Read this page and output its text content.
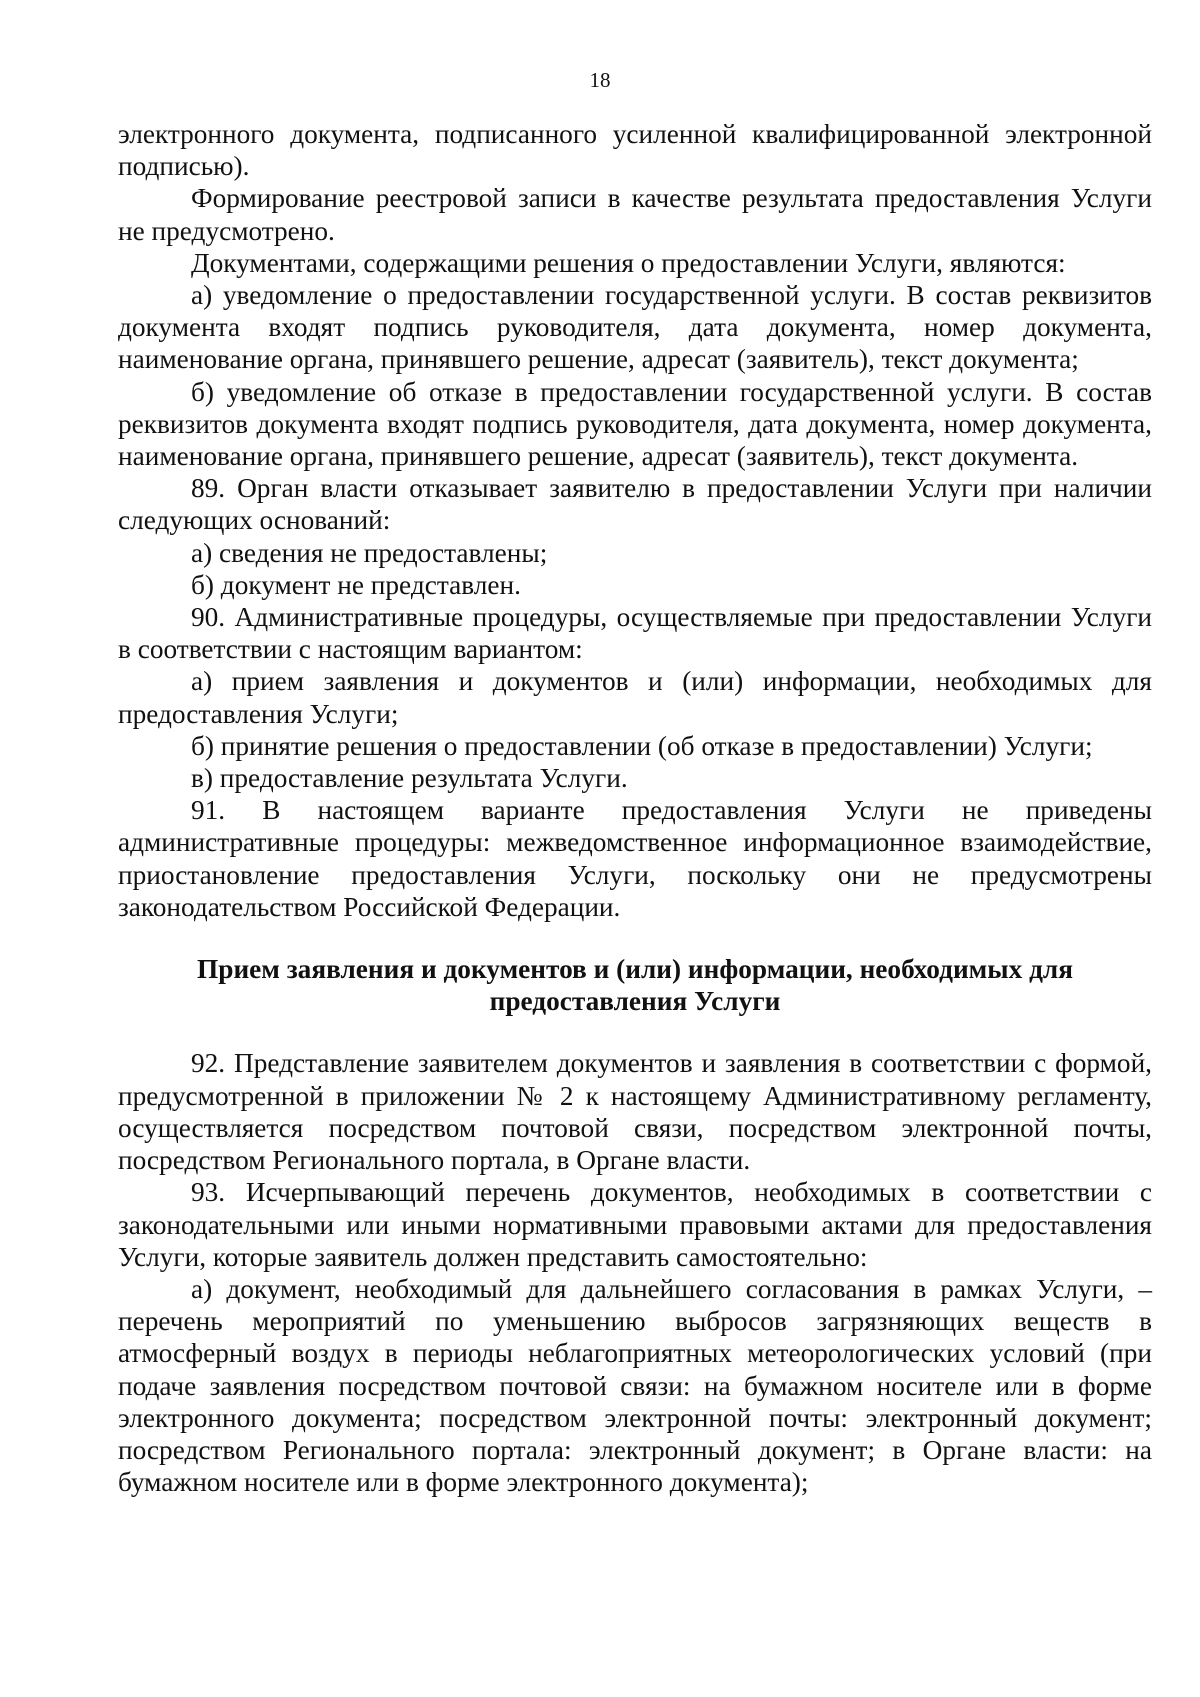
18

электронного документа, подписанного усиленной квалифицированной электронной подписью).

Формирование реестровой записи в качестве результата предоставления Услуги не предусмотрено.

Документами, содержащими решения о предоставлении Услуги, являются:

а) уведомление о предоставлении государственной услуги. В состав реквизитов документа входят подпись руководителя, дата документа, номер документа, наименование органа, принявшего решение, адресат (заявитель), текст документа;

б) уведомление об отказе в предоставлении государственной услуги. В состав реквизитов документа входят подпись руководителя, дата документа, номер документа, наименование органа, принявшего решение, адресат (заявитель), текст документа.

89. Орган власти отказывает заявителю в предоставлении Услуги при наличии следующих оснований:

а) сведения не предоставлены;

б) документ не представлен.

90. Административные процедуры, осуществляемые при предоставлении Услуги в соответствии с настоящим вариантом:

а) прием заявления и документов и (или) информации, необходимых для предоставления Услуги;

б) принятие решения о предоставлении (об отказе в предоставлении) Услуги;

в) предоставление результата Услуги.

91. В настоящем варианте предоставления Услуги не приведены административные процедуры: межведомственное информационное взаимодействие, приостановление предоставления Услуги, поскольку они не предусмотрены законодательством Российской Федерации.

Прием заявления и документов и (или) информации, необходимых для предоставления Услуги

92. Представление заявителем документов и заявления в соответствии с формой, предусмотренной в приложении № 2 к настоящему Административному регламенту, осуществляется посредством почтовой связи, посредством электронной почты, посредством Регионального портала, в Органе власти.

93. Исчерпывающий перечень документов, необходимых в соответствии с законодательными или иными нормативными правовыми актами для предоставления Услуги, которые заявитель должен представить самостоятельно:

а) документ, необходимый для дальнейшего согласования в рамках Услуги, – перечень мероприятий по уменьшению выбросов загрязняющих веществ в атмосферный воздух в периоды неблагоприятных метеорологических условий (при подаче заявления посредством почтовой связи: на бумажном носителе или в форме электронного документа; посредством электронной почты: электронный документ; посредством Регионального портала: электронный документ; в Органе власти: на бумажном носителе или в форме электронного документа);
